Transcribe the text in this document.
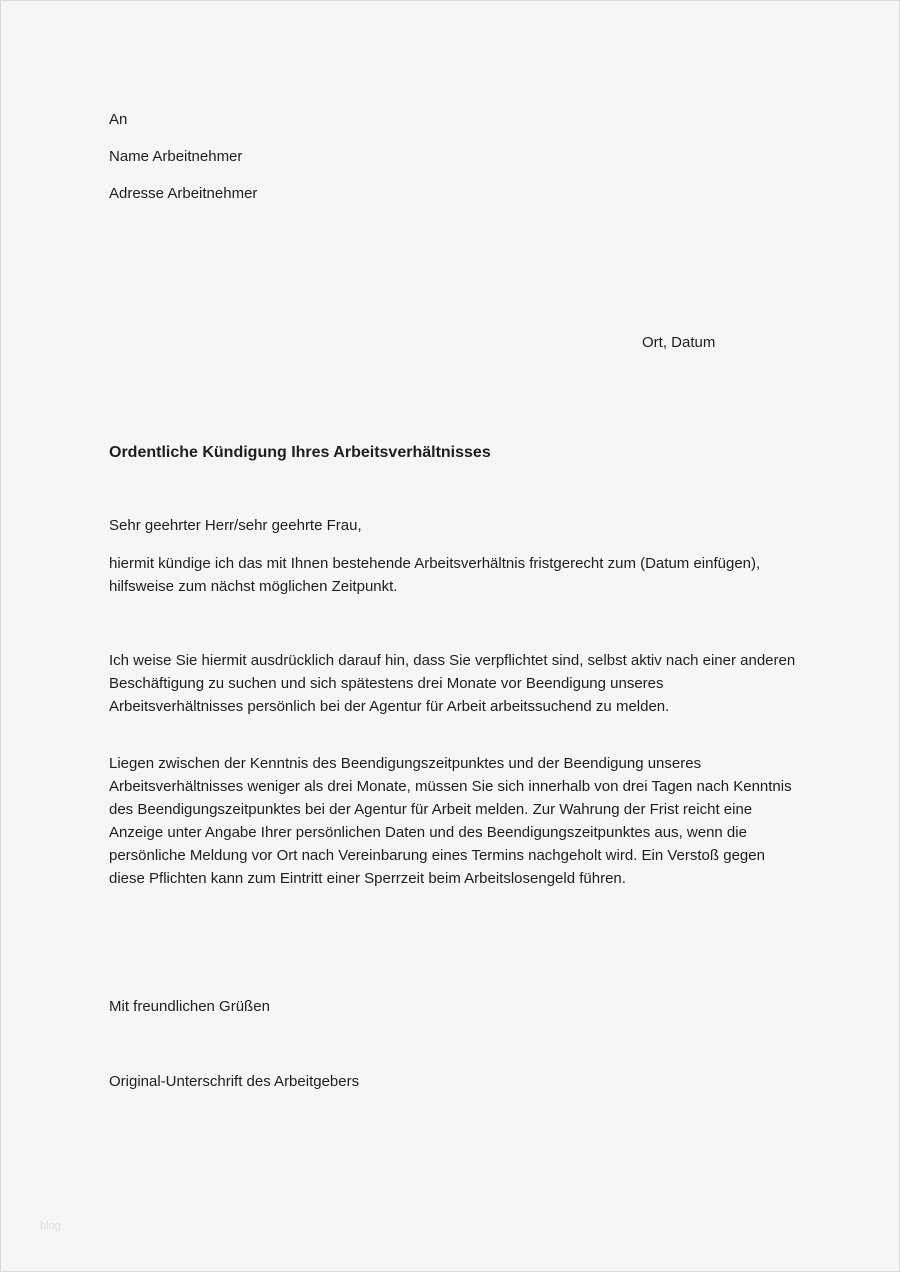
An
Name Arbeitnehmer
Adresse Arbeitnehmer
Ort, Datum
Ordentliche Kündigung Ihres Arbeitsverhältnisses
Sehr geehrter Herr/sehr geehrte Frau,
hiermit kündige ich das mit Ihnen bestehende Arbeitsverhältnis fristgerecht zum (Datum einfügen), hilfsweise zum nächst möglichen Zeitpunkt.
Ich weise Sie hiermit ausdrücklich darauf hin, dass Sie verpflichtet sind, selbst aktiv nach einer anderen Beschäftigung zu suchen und sich spätestens drei Monate vor Beendigung unseres Arbeitsverhältnisses persönlich bei der Agentur für Arbeit arbeitssuchend zu melden.
Liegen zwischen der Kenntnis des Beendigungszeitpunktes und der Beendigung unseres Arbeitsverhältnisses weniger als drei Monate, müssen Sie sich innerhalb von drei Tagen nach Kenntnis des Beendigungszeitpunktes bei der Agentur für Arbeit melden. Zur Wahrung der Frist reicht eine Anzeige unter Angabe Ihrer persönlichen Daten und des Beendigungszeitpunktes aus, wenn die persönliche Meldung vor Ort nach Vereinbarung eines Termins nachgeholt wird. Ein Verstoß gegen diese Pflichten kann zum Eintritt einer Sperrzeit beim Arbeitslosengeld führen.
Mit freundlichen Grüßen
Original-Unterschrift des Arbeitgebers
blog
